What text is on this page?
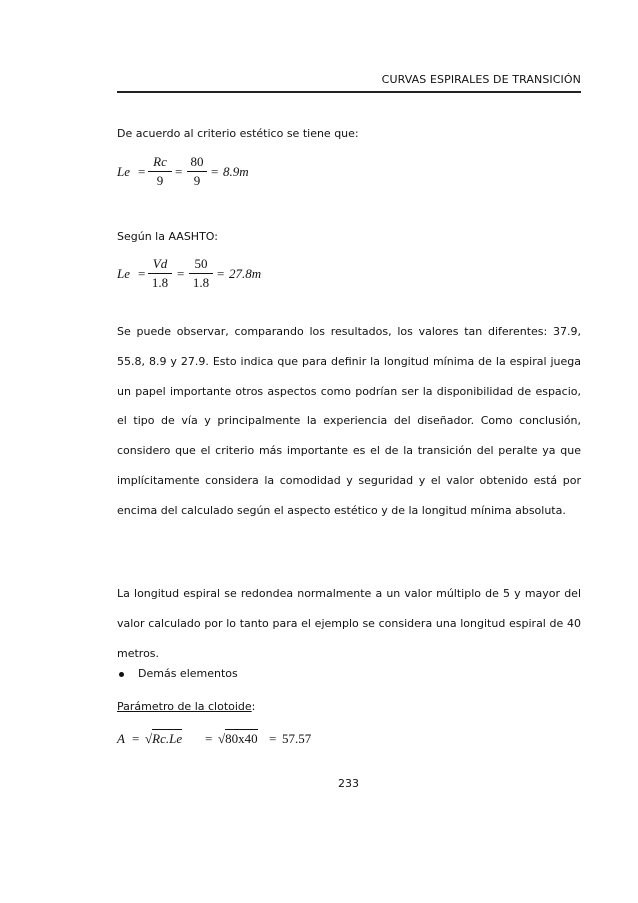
CURVAS ESPIRALES DE TRANSICIÓN
De acuerdo al criterio estético se tiene que:
$Le = \frac{Rc}{9} = \frac{80}{9} = 8.9m$
Según la AASHTO:
$Le = \frac{Vd}{1.8} = \frac{50}{1.8} = 27.8m$
Se puede observar, comparando los resultados, los valores tan diferentes: 37.9, 55.8, 8.9 y 27.9. Esto indica que para definir la longitud mínima de la espiral juega un papel importante otros aspectos como podrían ser la disponibilidad de espacio, el tipo de vía y principalmente la experiencia del diseñador. Como conclusión, considero que el criterio más importante es el de la transición del peralte ya que implícitamente considera la comodidad y seguridad y el valor obtenido está por encima del calculado según el aspecto estético y de la longitud mínima absoluta.
La longitud espiral se redondea normalmente a un valor múltiplo de 5 y mayor del valor calculado por lo tanto para el ejemplo se considera una longitud espiral de 40 metros.
Demás elementos
Parámetro de la clotoide:
A = √Rc.Le = √80x40 = 57.57
233
